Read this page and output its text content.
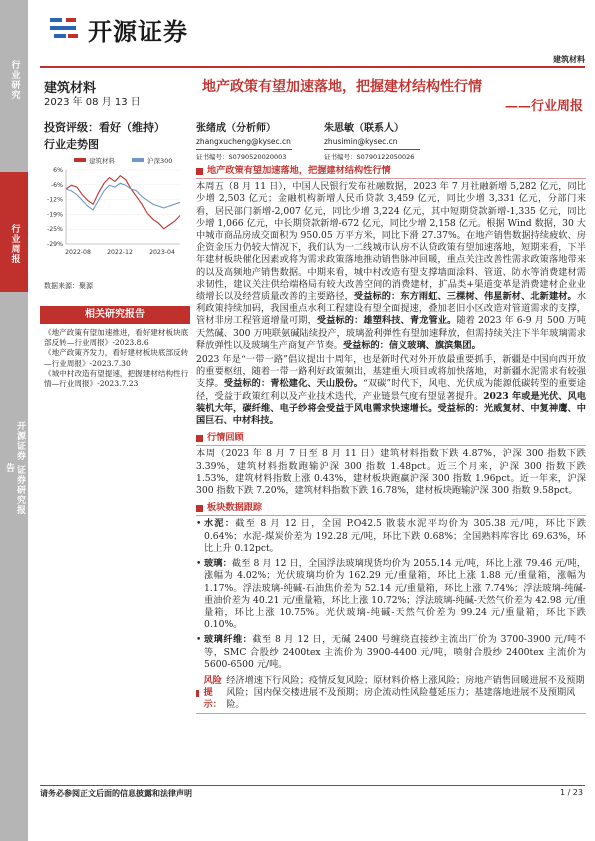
行业研究
行业周报
开源证券 证券研究报告
开源证券
建筑材料
建筑材料
2023 年 08 月 13 日
地产政策有望加速落地，把握建材结构性行情
——行业周报
投资评级：看好（维持）
行业走势图
张绪成（分析师）
zhangxucheng@kysec.cn
证书编号：S0790520020003
朱思敏（联系人）
zhusimin@kysec.cn
证书编号：S0790122050026
建筑材料	沪深300
6%
-6%
-12%
-19%
-25%
-29%
2022-08	2022-12	2023-04
数据来源：聚源
相关研究报告
《地产政策有望加速推进，看好建材板块底部反转—行业周报》-2023.8.6
《地产政策齐发力，看好建材板块底部反转—行业周报》-2023.7.30
《城中村改造有望提速，把握建材结构性行情—行业周报》-2023.7.23
地产政策有望加速落地，把握建材结构性行情
本周五（8 月 11 日），中国人民银行发布社融数据，2023 年 7 月社融新增 5,282 亿元，同比少增 2,503 亿元；金融机构新增人民币贷款 3,459 亿元，同比少增 3,331 亿元，分部门来看，居民部门新增-2,007 亿元，同比少增 3,224 亿元，其中短期贷款新增-1,335 亿元，同比少增 1,066 亿元，中长期贷款新增-672 亿元，同比少增 2,158 亿元。根据 Wind 数据，30 大中城市商品房成交面积为 950.05 万平方米，同比下滑 27.37%。在地产销售数据持续疲软、房企资金压力仍较大情况下，我们认为一二线城市认房不认贷政策有望加速落地，短期来看，下半年建材板块催化因素或将为需求政策落地推动销售脉冲回暖，重点关注改善性需求政策落地带来的以及高频地产销售数据。中期来看，城中村改造有望支撑墙面涂料、管道、防水等消费建材需求韧性，建议关注供给端格局有较大改善空间的消费建材，扩品类+渠道变革是消费建材企业业绩增长以及经营质量改善的主要路径，受益标的：东方雨虹、三棵树、伟星新材、北新建材。水利政策持续加码，我国重点水利工程建设有望全面提速，叠加老旧小区改造对管道需求的支撑，管材非房工程管道增量可期，受益标的：雄塑科技、青龙管业。随着 2023 年 6-9 月 500 万吨天然碱、300 万吨联氨碱陆续投产，玻璃盈利弹性有望加速释放，但需持续关注下半年玻璃需求释放弹性以及玻璃生产商复产节奏。受益标的：信义玻璃、旗滨集团。
2023 年是“一带一路”倡议提出十周年，也是新时代对外开放最重要抓手，新疆是中国向西开放的重要枢纽，随着一带一路利好政策频出，基建重大项目或将加快落地，对新疆水泥需求有较强支撑。受益标的：青松建化、天山股份。“双碳”时代下，风电、光伏成为能源低碳转型的重要途径，受益于政策红利以及产业技术迭代，产业链景气度有望显著提升。2023 年或是光伏、风电装机大年，碳纤维、电子纱将会受益于风电需求快速增长。受益标的：光威复材、中复神鹰、中国巨石、中材科技。
行情回顾
本周（2023 年 8 月 7 日至 8 月 11 日）建筑材料指数下跌 4.87%，沪深 300 指数下跌 3.39%，建筑材料指数跑输沪深 300 指数 1.48pct。近三个月来，沪深 300 指数下跌 1.53%，建筑材料指数上涨 0.43%，建材板块跑赢沪深 300 指数 1.96pct。近一年来，沪深 300 指数下跌 7.20%，建筑材料指数下跌 16.78%，建材板块跑输沪深 300 指数 9.58pct。
板块数据跟踪
• 水泥：截至 8 月 12 日，全国 P.O42.5 散装水泥平均价为 305.38 元/吨，环比下跌 0.64%；水泥-煤炭价差为 192.28 元/吨，环比下跌 0.68%；全国熟料库容比 69.63%，环比上升 0.12pct。
• 玻璃：截至 8 月 12 日，全国浮法玻璃现货均价为 2055.14 元/吨，环比上涨 79.46 元/吨，涨幅为 4.02%；光伏玻璃均价为 162.29 元/重量箱，环比上涨 1.88 元/重量箱，涨幅为 1.17%。浮法玻璃-纯碱-石油焦价差为 52.14 元/重量箱，环比上涨 7.74%；浮法玻璃-纯碱-重油价差为 40.21 元/重量箱，环比上涨 10.72%；浮法玻璃-纯碱-天然气价差为 42.98 元/重量箱，环比上涨 10.75%。光伏玻璃-纯碱-天然气价差为 99.24 元/重量箱，环比下跌 0.10%。
• 玻璃纤维：截至 8 月 12 日，无碱 2400 号缠绕直接纱主流出厂价为 3700-3900 元/吨不等，SMC 合股纱 2400tex 主流价为 3900-4400 元/吨，喷射合股纱 2400tex 主流价为 5600-6500 元/吨。
风险提示：
经济增速下行风险；疫情反复风险；原材料价格上涨风险；房地产销售回暖进展不及预期风险；国内保交楼进展不及预期；房企流动性风险蔓延压力；基建落地进展不及预期风险。
请务必参阅正文后面的信息披露和法律声明	1 / 23
